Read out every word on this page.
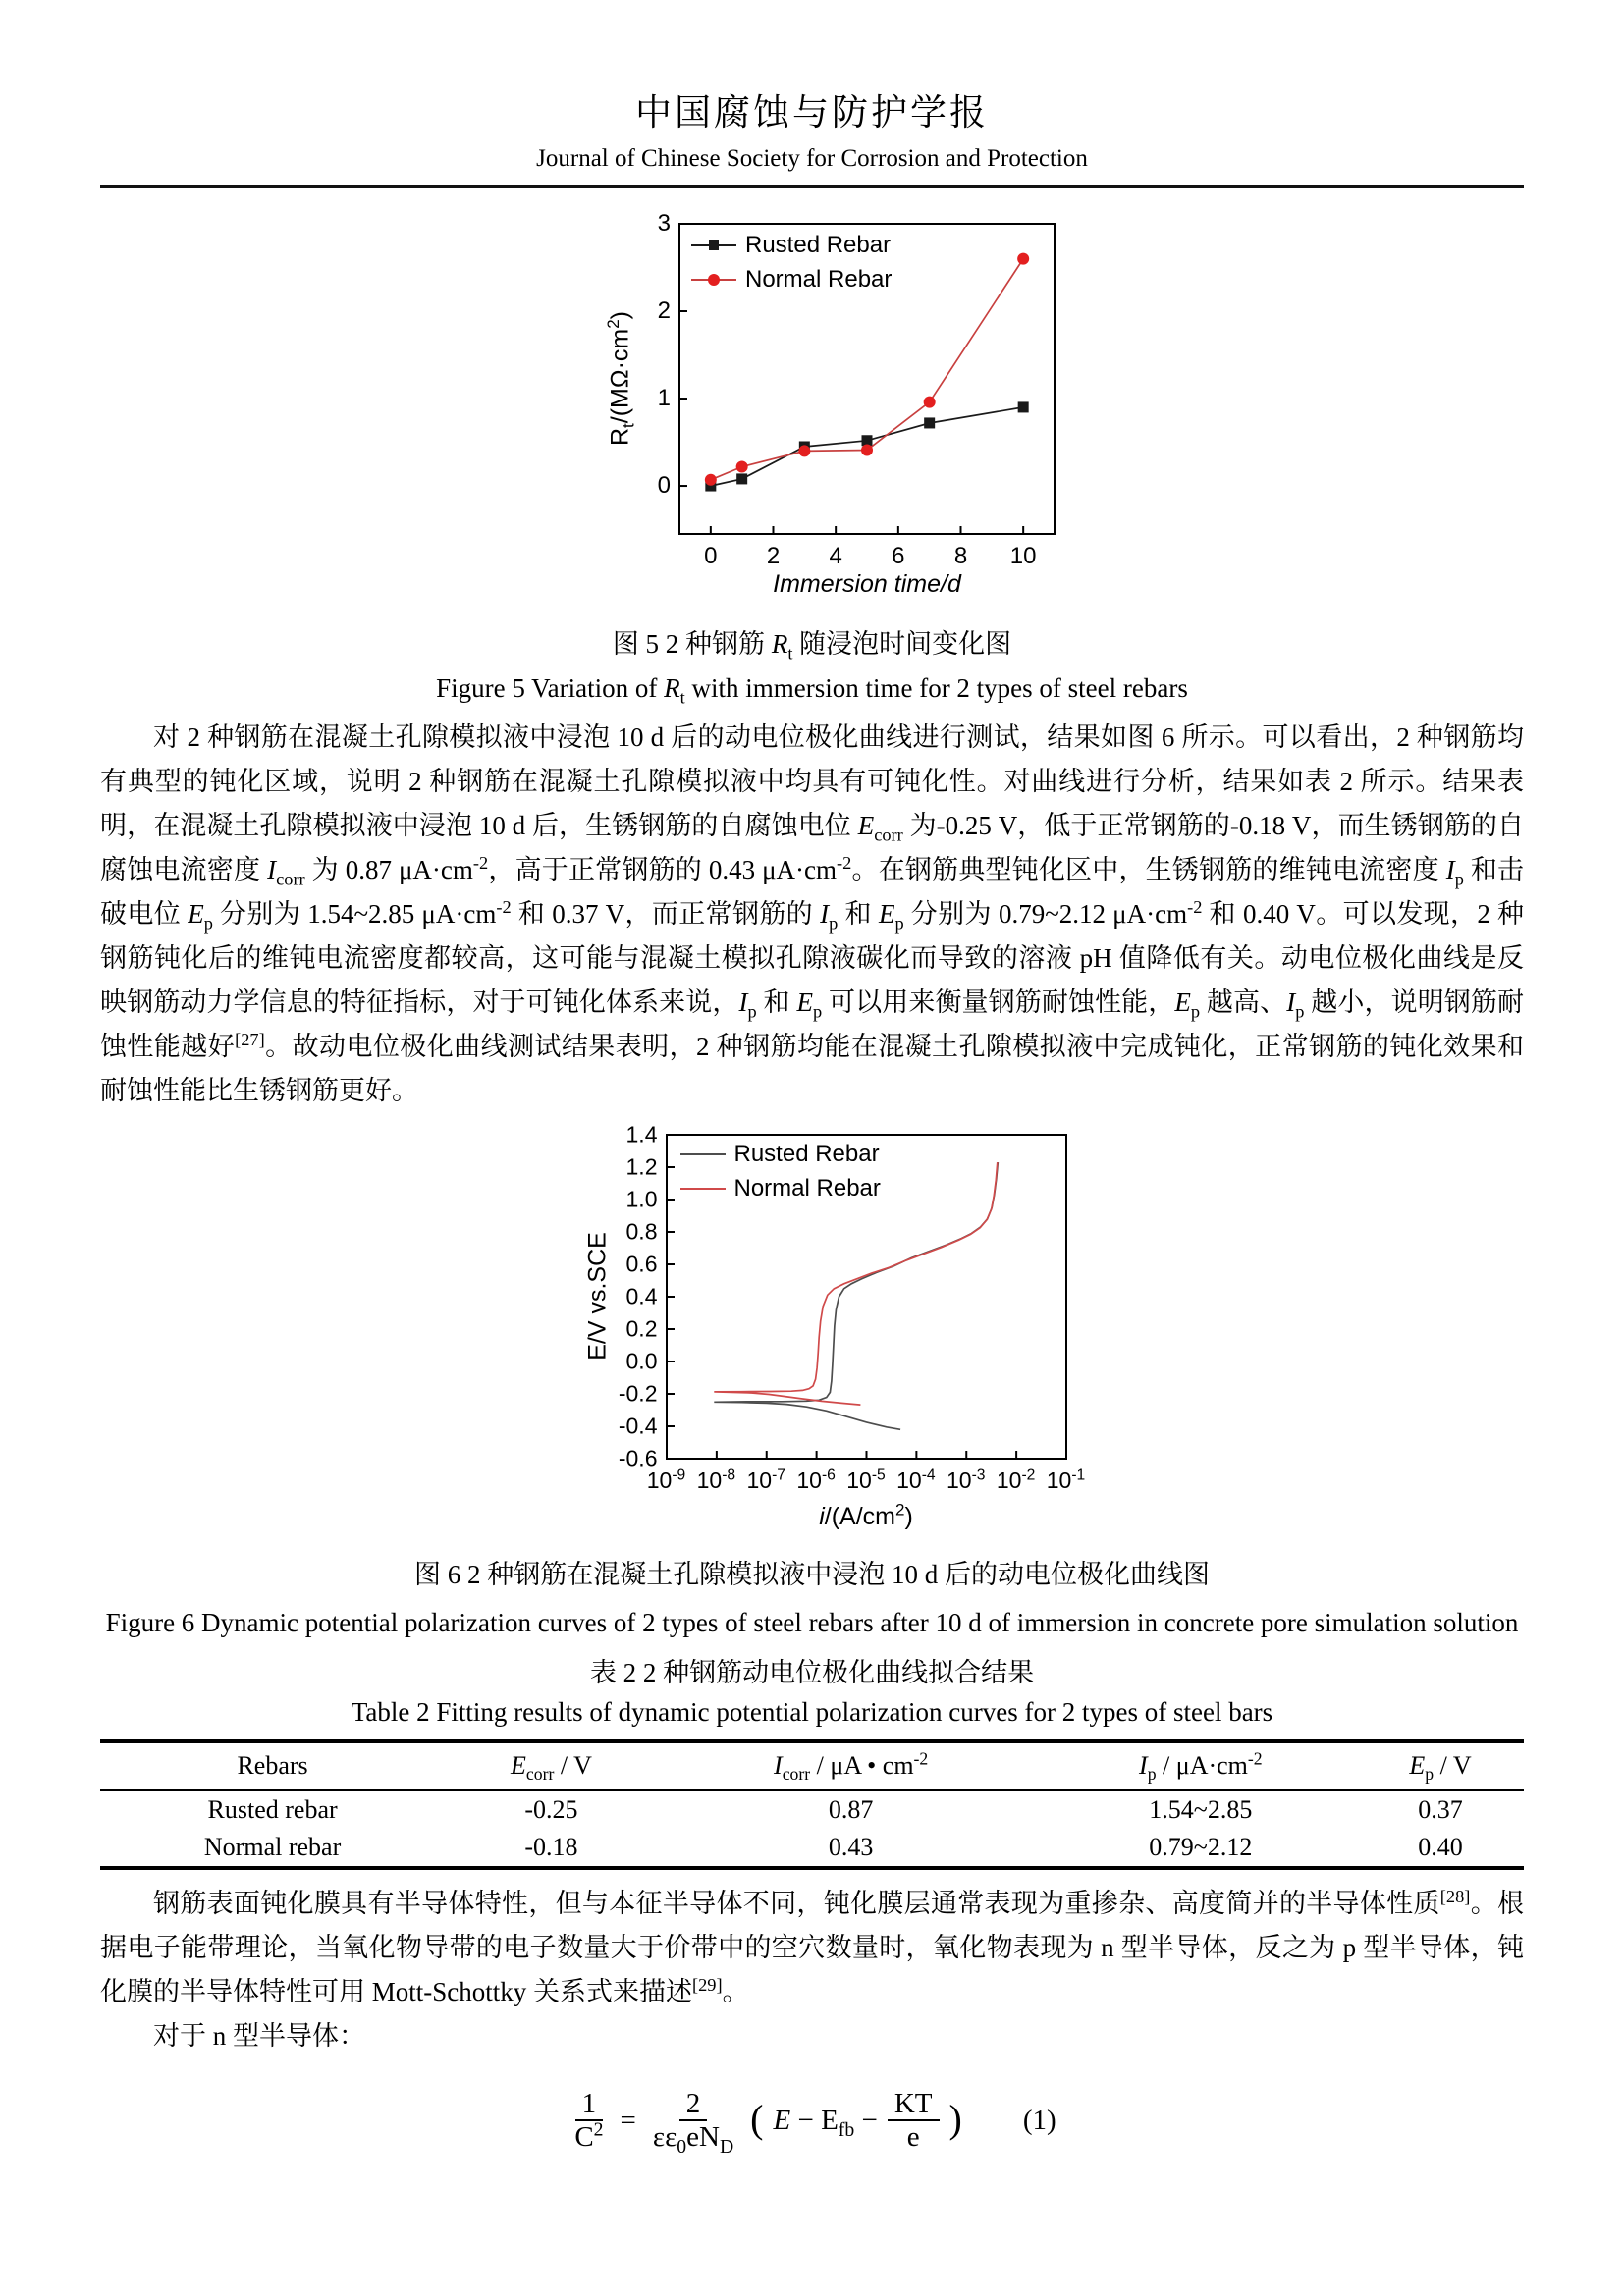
中国腐蚀与防护学报
Journal of Chinese Society for Corrosion and Protection
0 2 4 6 8 10
0
1
2
3
Immersion time/d
$R_t/(M\Omega\cdot cm^2)$
Rusted Rebar
Normal Rebar
图 5 2 种钢筋 $R_t$ 随浸泡时间变化图
Figure 5 Variation of $R_t$ with immersion time for 2 types of steel rebars

对 2 种钢筋在混凝土孔隙模拟液中浸泡 10 d 后的动电位极化曲线进行测试，结果如图 6 所示。可以看出，2 种钢筋均有典型的钝化区域，说明 2 种钢筋在混凝土孔隙模拟液中均具有可钝化性。对曲线进行分析，结果如表 2 所示。结果表明，在混凝土孔隙模拟液中浸泡 10 d 后，生锈钢筋的自腐蚀电位 $E_{corr}$ 为-0.25 V，低于正常钢筋的-0.18 V，而生锈钢筋的自腐蚀电流密度 $I_{corr}$ 为 0.87 $\mu A\cdot cm^{-2}$，高于正常钢筋的 0.43 $\mu A\cdot cm^{-2}$。在钢筋典型钝化区中，生锈钢筋的维钝电流密度 $I_p$ 和击破电位 $E_p$ 分别为 1.54~2.85 $\mu A\cdot cm^{-2}$ 和 0.37 V，而正常钢筋的 $I_p$ 和 $E_p$ 分别为 0.79~2.12 $\mu A\cdot cm^{-2}$ 和 0.40 V。可以发现，2 种钢筋钝化后的维钝电流密度都较高，这可能与混凝土模拟孔隙液碳化而导致的溶液 pH 值降低有关。动电位极化曲线是反映钢筋动力学信息的特征指标，对于可钝化体系来说，$I_p$ 和 $E_p$ 可以用来衡量钢筋耐蚀性能，$E_p$ 越高、$I_p$ 越小，说明钢筋耐蚀性能越好[27]。故动电位极化曲线测试结果表明，2 种钢筋均能在混凝土孔隙模拟液中完成钝化，正常钢筋的钝化效果和耐蚀性能比生锈钢筋更好。

$10^{-9}$ $10^{-8}$ $10^{-7}$ $10^{-6}$ $10^{-5}$ $10^{-4}$ $10^{-3}$ $10^{-2}$ $10^{-1}$
-0.6
-0.4
-0.2
0.0
0.2
0.4
0.6
0.8
1.0
1.2
1.4
$i/(A/cm^2)$
E/V vs.SCE
Rusted Rebar
Normal Rebar
图 6 2 种钢筋在混凝土孔隙模拟液中浸泡 10 d 后的动电位极化曲线图
Figure 6 Dynamic potential polarization curves of 2 types of steel rebars after 10 d of immersion in concrete pore simulation solution
表 2 2 种钢筋动电位极化曲线拟合结果
Table 2 Fitting results of dynamic potential polarization curves for 2 types of steel bars
Rebars	$E_{corr}$ / V	$I_{corr}$ / μA • $cm^{-2}$	$I_p / \mu A\cdot cm^{-2}$	$E_p$ / V
Rusted rebar	-0.25	0.87	1.54~2.85	0.37
Normal rebar	-0.18	0.43	0.79~2.12	0.40

钢筋表面钝化膜具有半导体特性，但与本征半导体不同，钝化膜层通常表现为重掺杂、高度简并的半导体性质[28]。根据电子能带理论，当氧化物导带的电子数量大于价带中的空穴数量时，氧化物表现为 n 型半导体，反之为 p 型半导体，钝化膜的半导体特性可用 Mott-Schottky 关系式来描述[29]。

对于 n 型半导体：

$\frac{1}{C^2} = \frac{2}{\varepsilon\varepsilon_0eN_D}$ ( $E - E_{fb} - \frac{KT}{e}$ ) (1)
